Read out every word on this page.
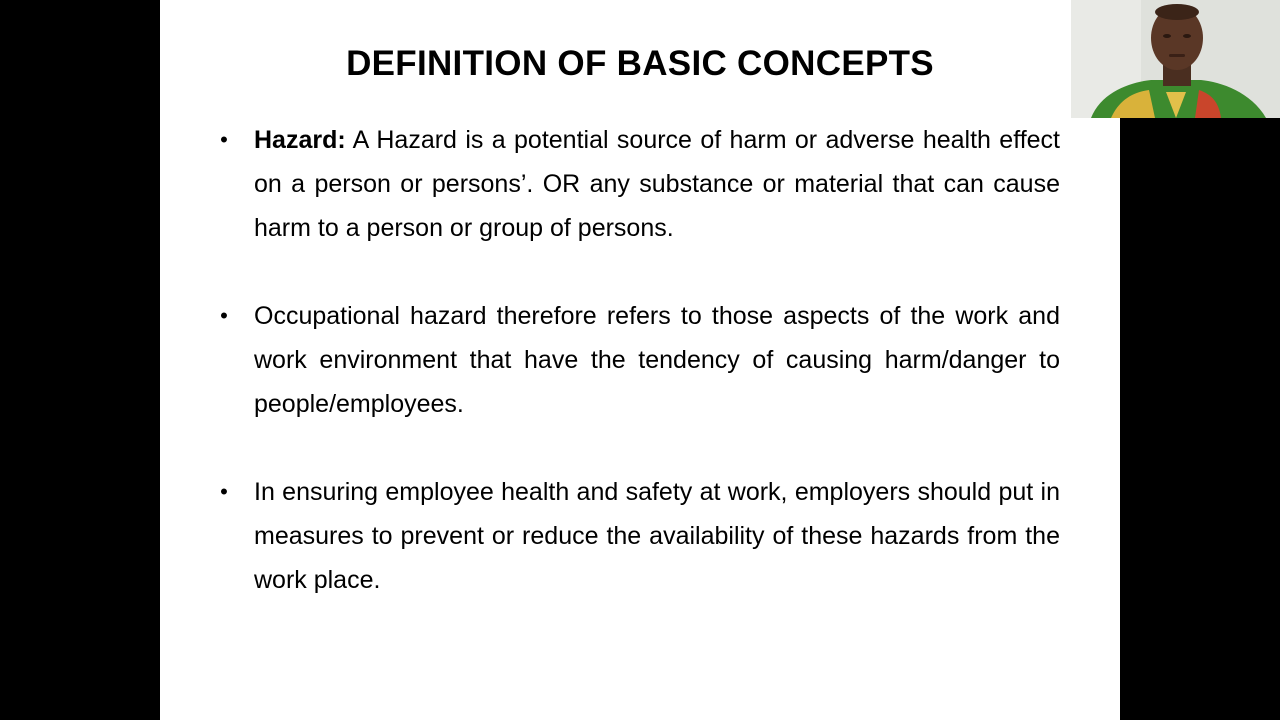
DEFINITION OF BASIC CONCEPTS
• Hazard: A Hazard is a potential source of harm or adverse health effect on a person or persons’. OR any substance or material that can cause harm to a person or group of persons.
• Occupational hazard therefore refers to those aspects of the work and work environment that have the tendency of causing harm/danger to people/employees.
• In ensuring employee health and safety at work, employers should put in measures to prevent or reduce the availability of these hazards from the work place.
